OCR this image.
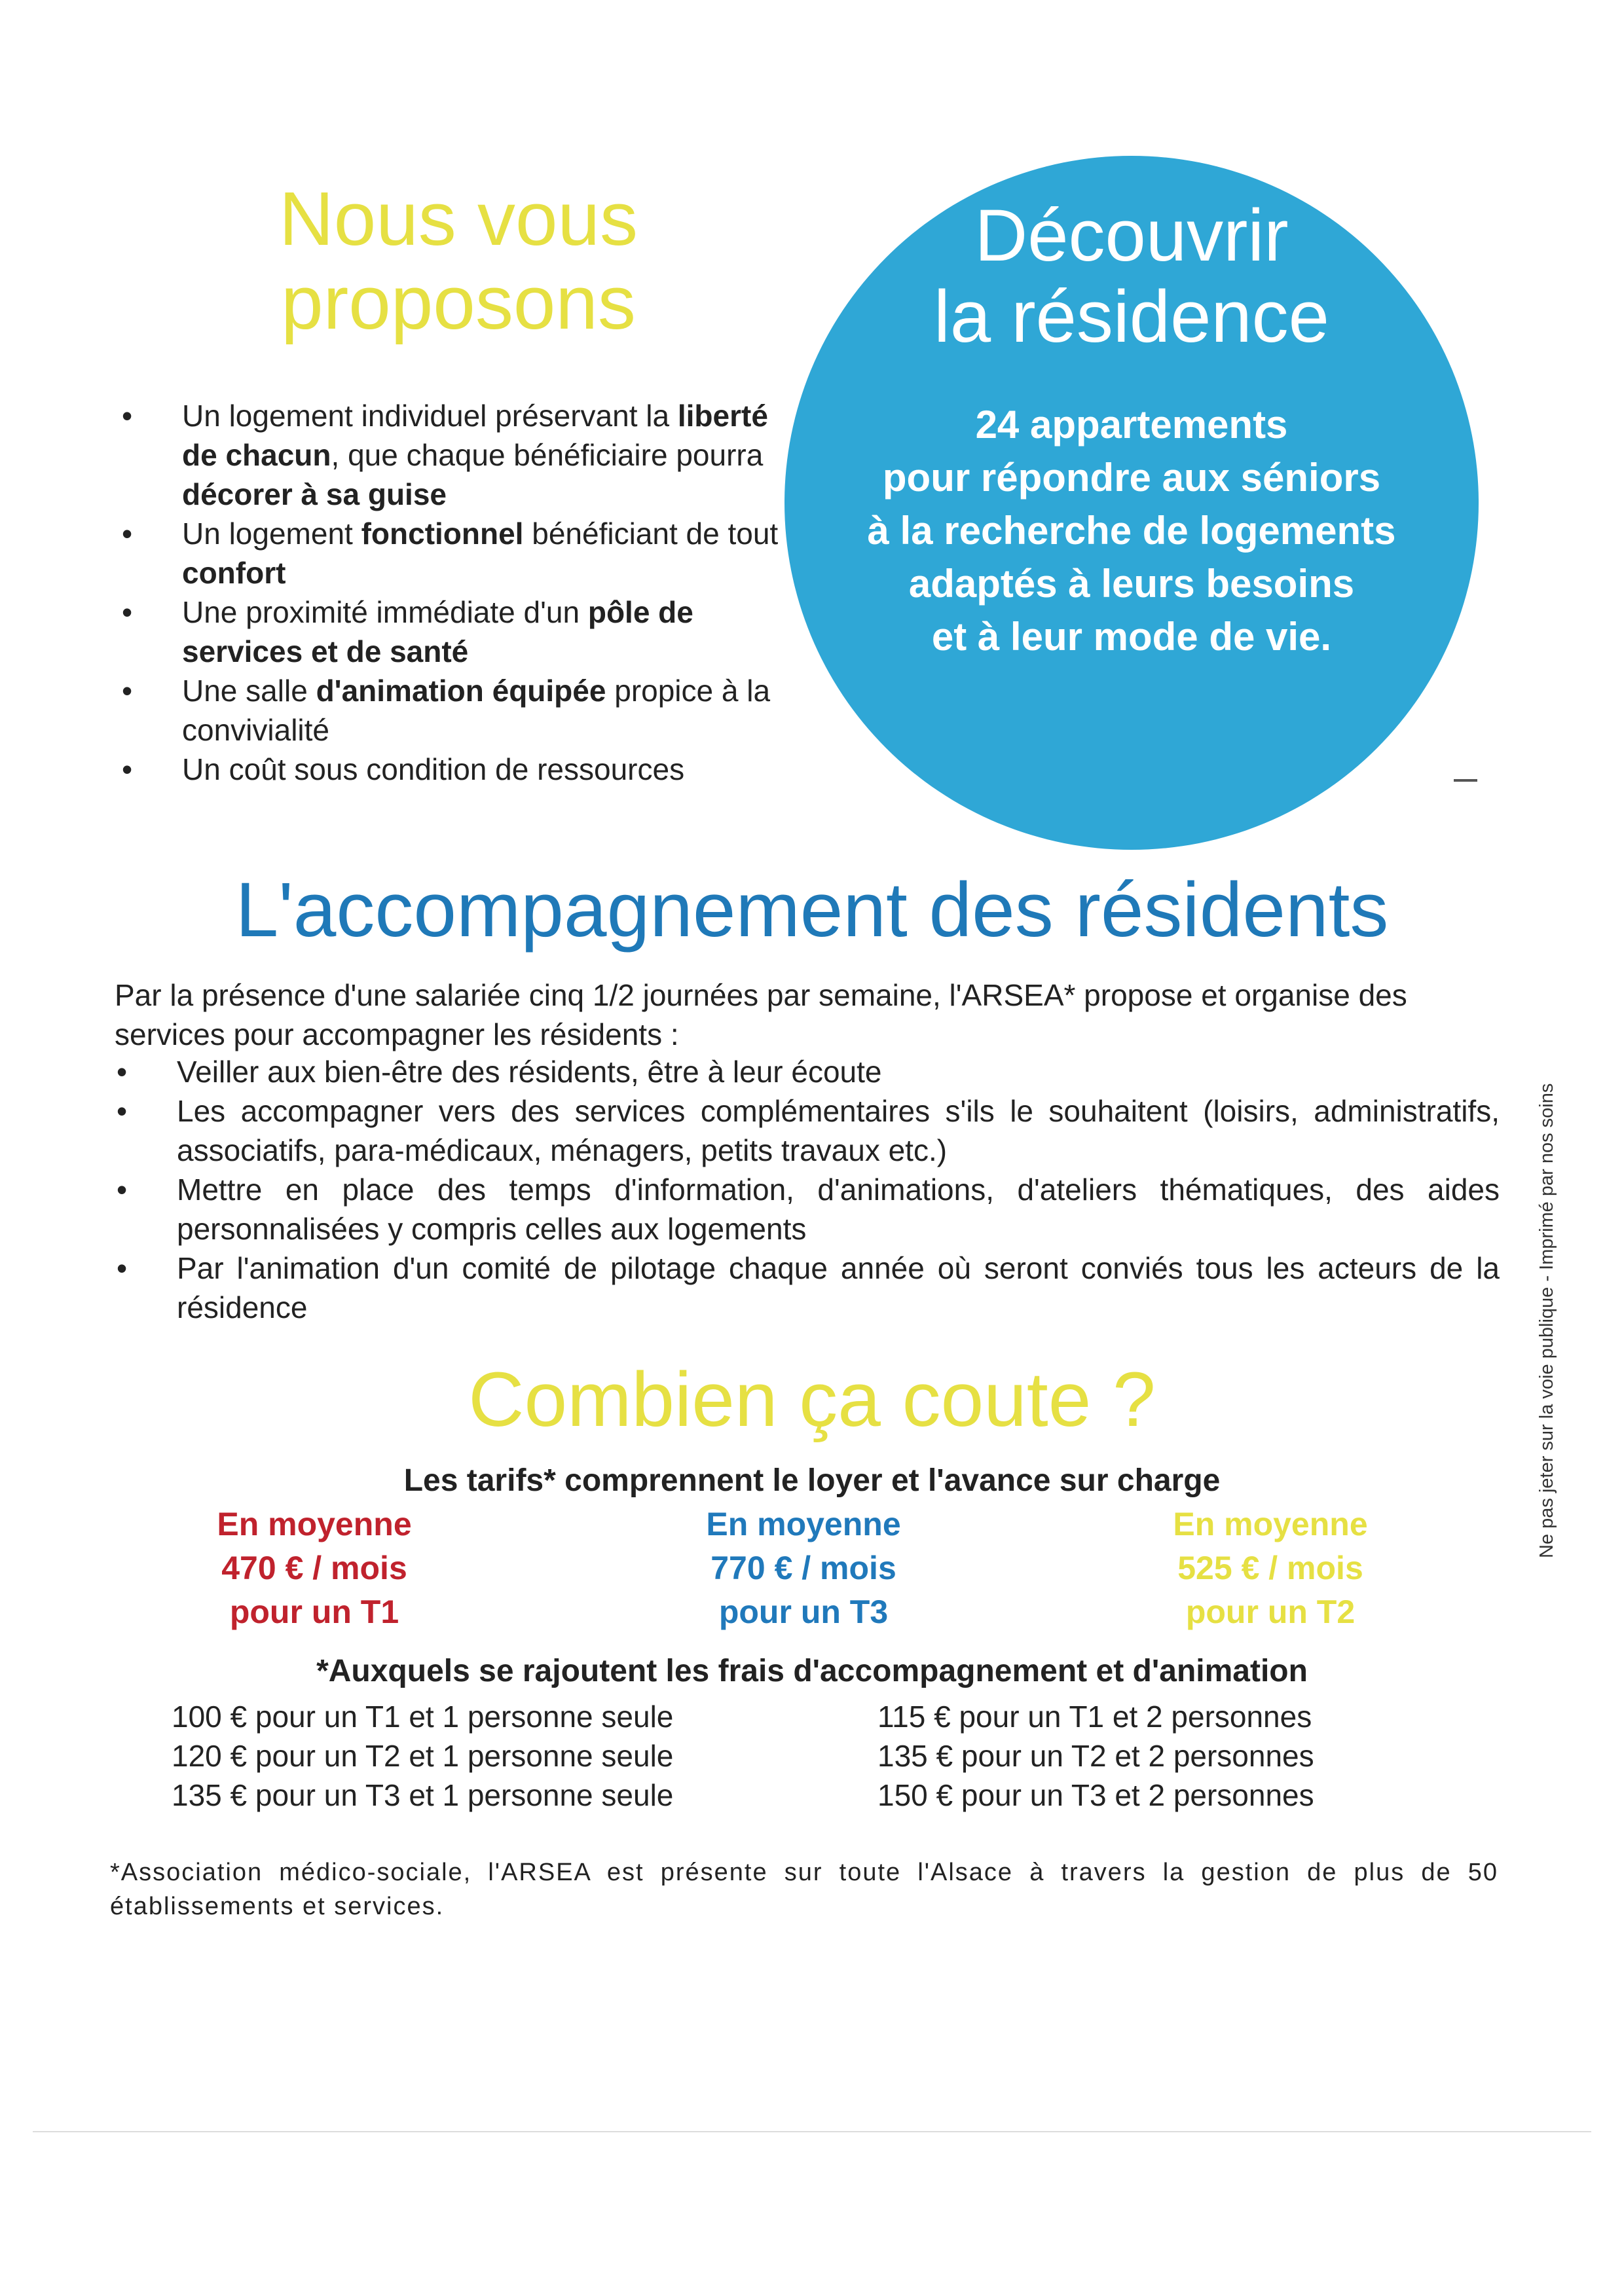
Nous vous
proposons
• Un logement individuel préservant la liberté de chacun, que chaque bénéficiaire pourra décorer à sa guise
• Un logement fonctionnel bénéficiant de tout confort
• Une proximité immédiate d'un pôle de services et de santé
• Une salle d'animation équipée propice à la convivialité
• Un coût sous condition de ressources
Découvrir
la résidence
24 appartements
pour répondre aux séniors
à la recherche de logements
adaptés à leurs besoins
et à leur mode de vie.
L'accompagnement des résidents
Par la présence d'une salariée cinq 1/2 journées par semaine, l'ARSEA* propose et organise des services pour accompagner les résidents :
• Veiller aux bien-être des résidents, être à leur écoute
• Les accompagner vers des services complémentaires s'ils le souhaitent (loisirs, administratifs, associatifs, para-médicaux, ménagers, petits travaux etc.)
• Mettre en place des temps d'information, d'animations, d'ateliers thématiques, des aides personnalisées y compris celles aux logements
• Par l'animation d'un comité de pilotage chaque année où seront conviés tous les acteurs de la résidence	Ne pas jeter sur la voie publique - Imprimé par nos soins
Combien ça coute ?
Les tarifs* comprennent le loyer et l'avance sur charge
En moyenne
470 € / mois
pour un T1
En moyenne
770 € / mois
pour un T3
En moyenne
525 € / mois
pour un T2
*Auxquels se rajoutent les frais d'accompagnement et d'animation
100 € pour un T1 et 1 personne seule
120 € pour un T2 et 1 personne seule
135 € pour un T3 et 1 personne seule
115 € pour un T1 et 2 personnes
135 € pour un T2 et 2 personnes
150 € pour un T3 et 2 personnes
*Association médico-sociale, l'ARSEA est présente sur toute l'Alsace à travers la gestion de plus de 50 établissements et services.
